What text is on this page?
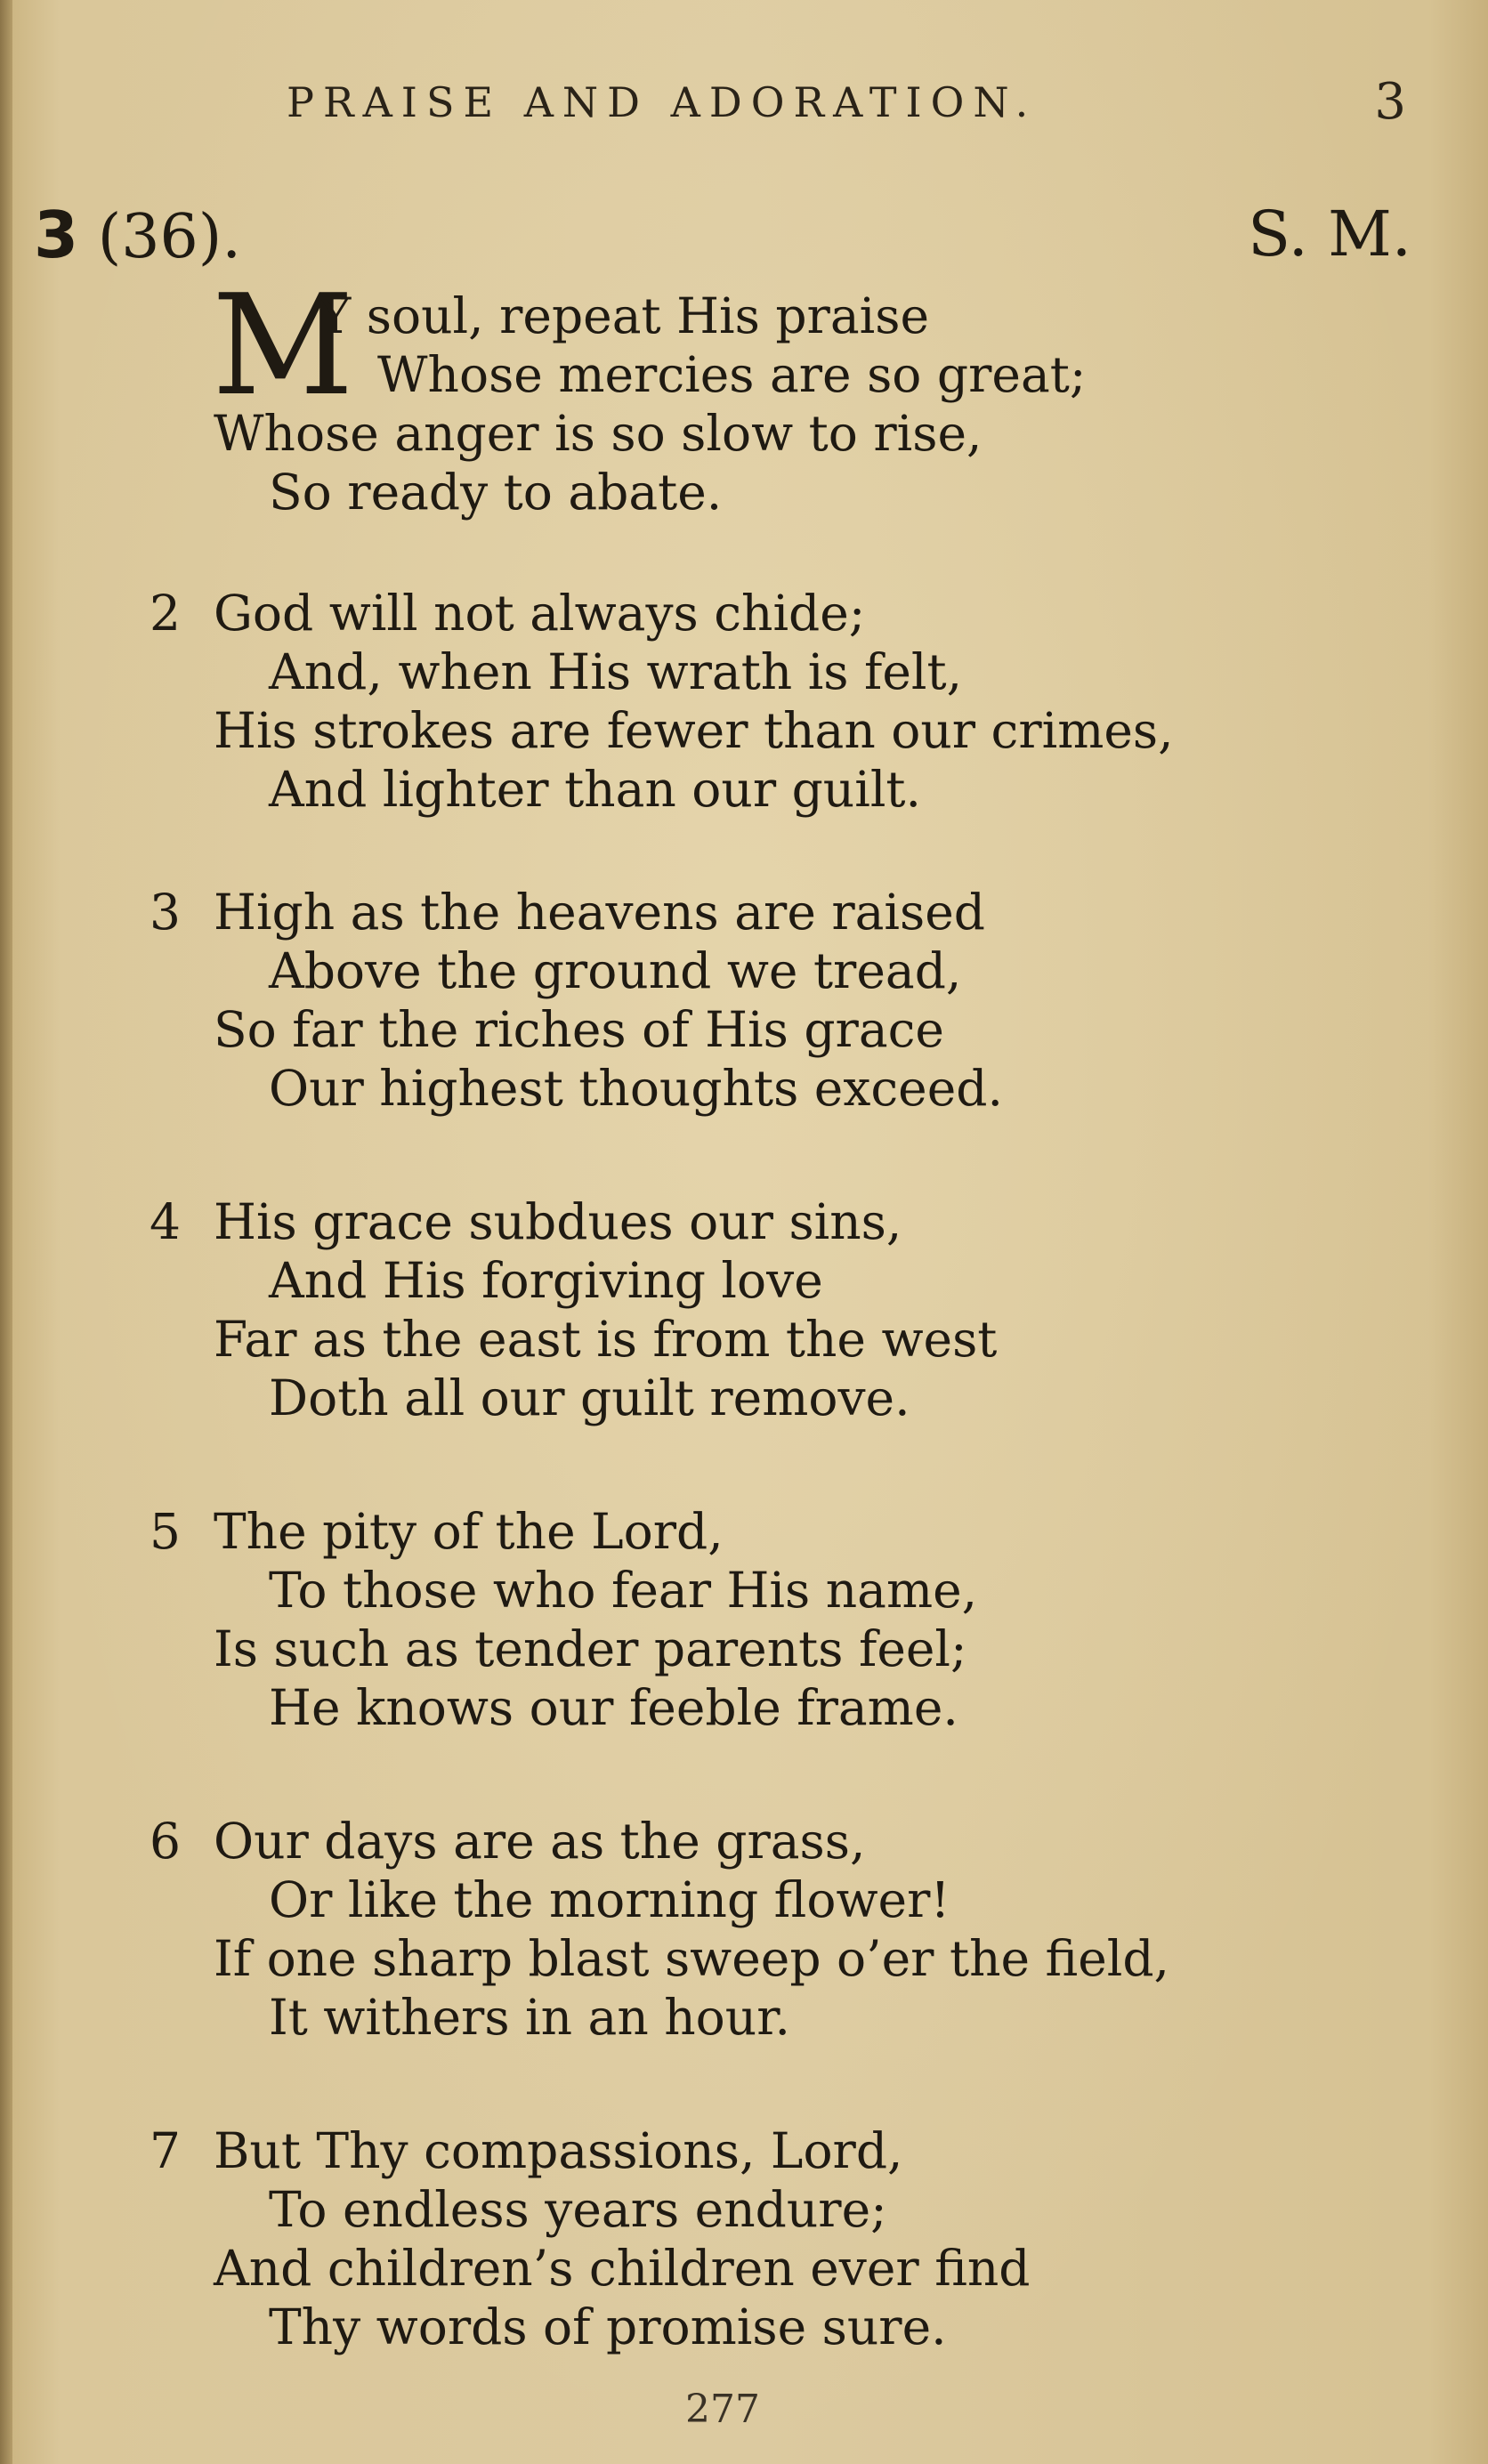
PRAISE AND ADORATION.	3
3 (36).	S. M.
M
Y soul, repeat His praise
Whose mercies are so great;
Whose anger is so slow to rise,
So ready to abate.
2 God will not always chide;
And, when His wrath is felt,
His strokes are fewer than our crimes,
And lighter than our guilt.
3 High as the heavens are raised
Above the ground we tread,
So far the riches of His grace
Our highest thoughts exceed.
4 His grace subdues our sins,
And His forgiving love
Far as the east is from the west
Doth all our guilt remove.
5 The pity of the Lord,
To those who fear His name,
Is such as tender parents feel;
He knows our feeble frame.
6 Our days are as the grass,
Or like the morning flower!
If one sharp blast sweep o’er the field,
It withers in an hour.
7 But Thy compassions, Lord,
To endless years endure;
And children’s children ever find
Thy words of promise sure.
277
